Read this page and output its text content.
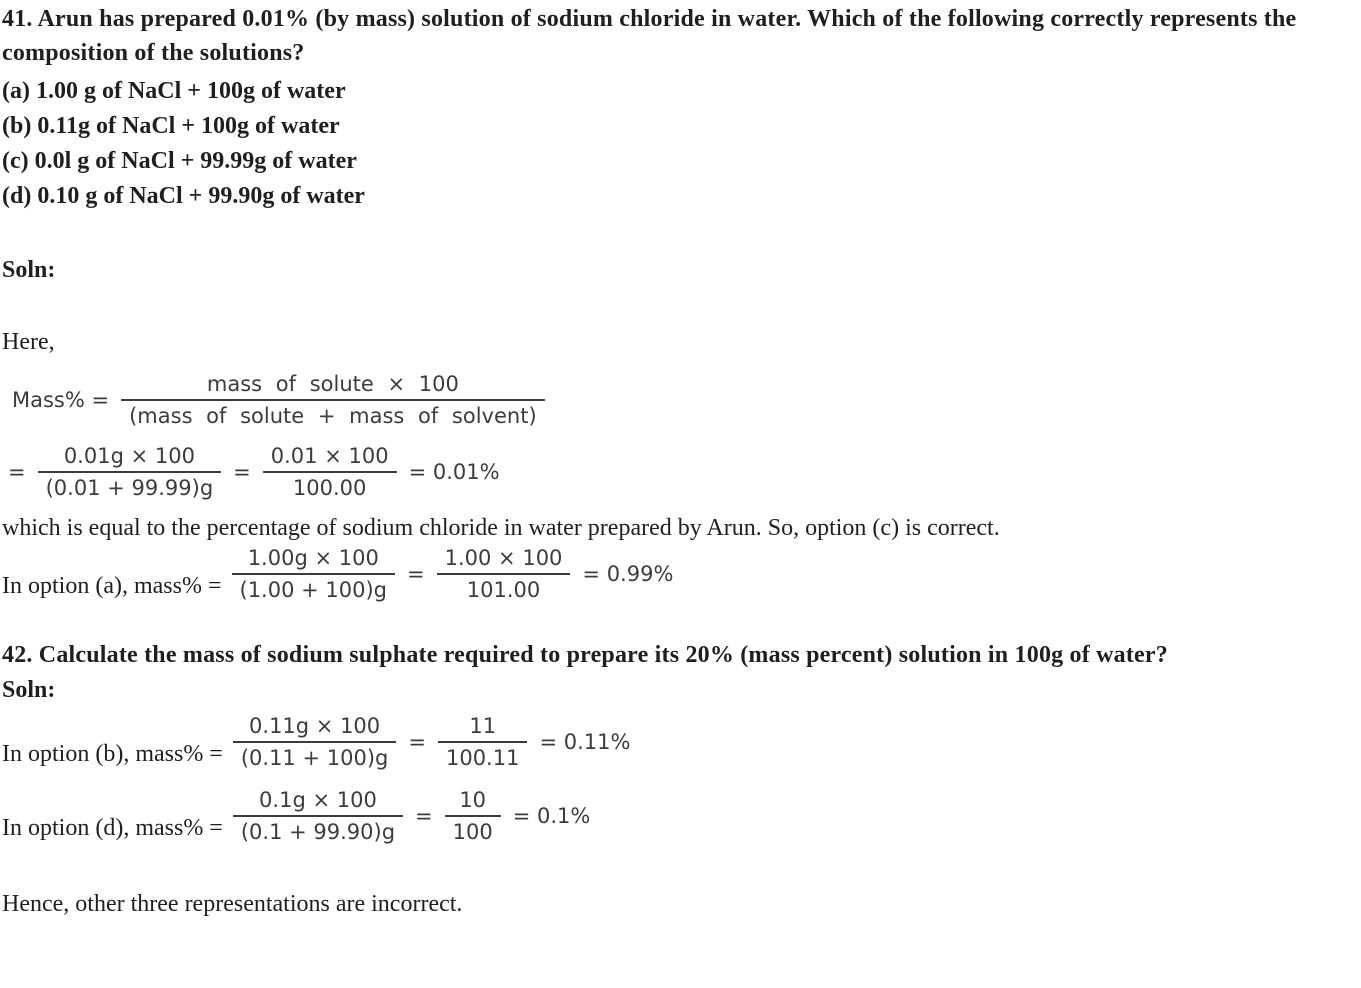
41. Arun has prepared 0.01% (by mass) solution of sodium chloride in water. Which of the following correctly represents the composition of the solutions?

(a) 1.00 g of NaCl + 100g of water

(b) 0.11g of NaCl + 100g of water

(c) 0.0l g of NaCl + 99.99g of water

(d) 0.10 g of NaCl + 99.90g of water

Soln:

Here,

Mass% = $\frac{\text{mass of solute × 100}}{\text{(mass of solute + mass of solvent)}}$
= $\frac{0.01g \times 100}{(0.01 + 99.99)g} = \frac{0.01 \times 100}{100.00} = 0.01\%$

which is equal to the percentage of sodium chloride in water prepared by Arun. So, option (c) is correct.

In option (a), mass% = $\frac{1.00g \times 100}{(1.00 + 100)g} = \frac{1.00 \times 100}{101.00} = 0.99\%$

42. Calculate the mass of sodium sulphate required to prepare its 20% (mass percent) solution in 100g of water?

Soln:

In option (b), mass% = $\frac{0.11g \times 100}{(0.11 + 100)g} = \frac{11}{100.11} = 0.11\%$
In option (d), mass% = $\frac{0.1g \times 100}{(0.1 + 99.90)g} = \frac{10}{100} = 0.1\%$

Hence, other three representations are incorrect.
